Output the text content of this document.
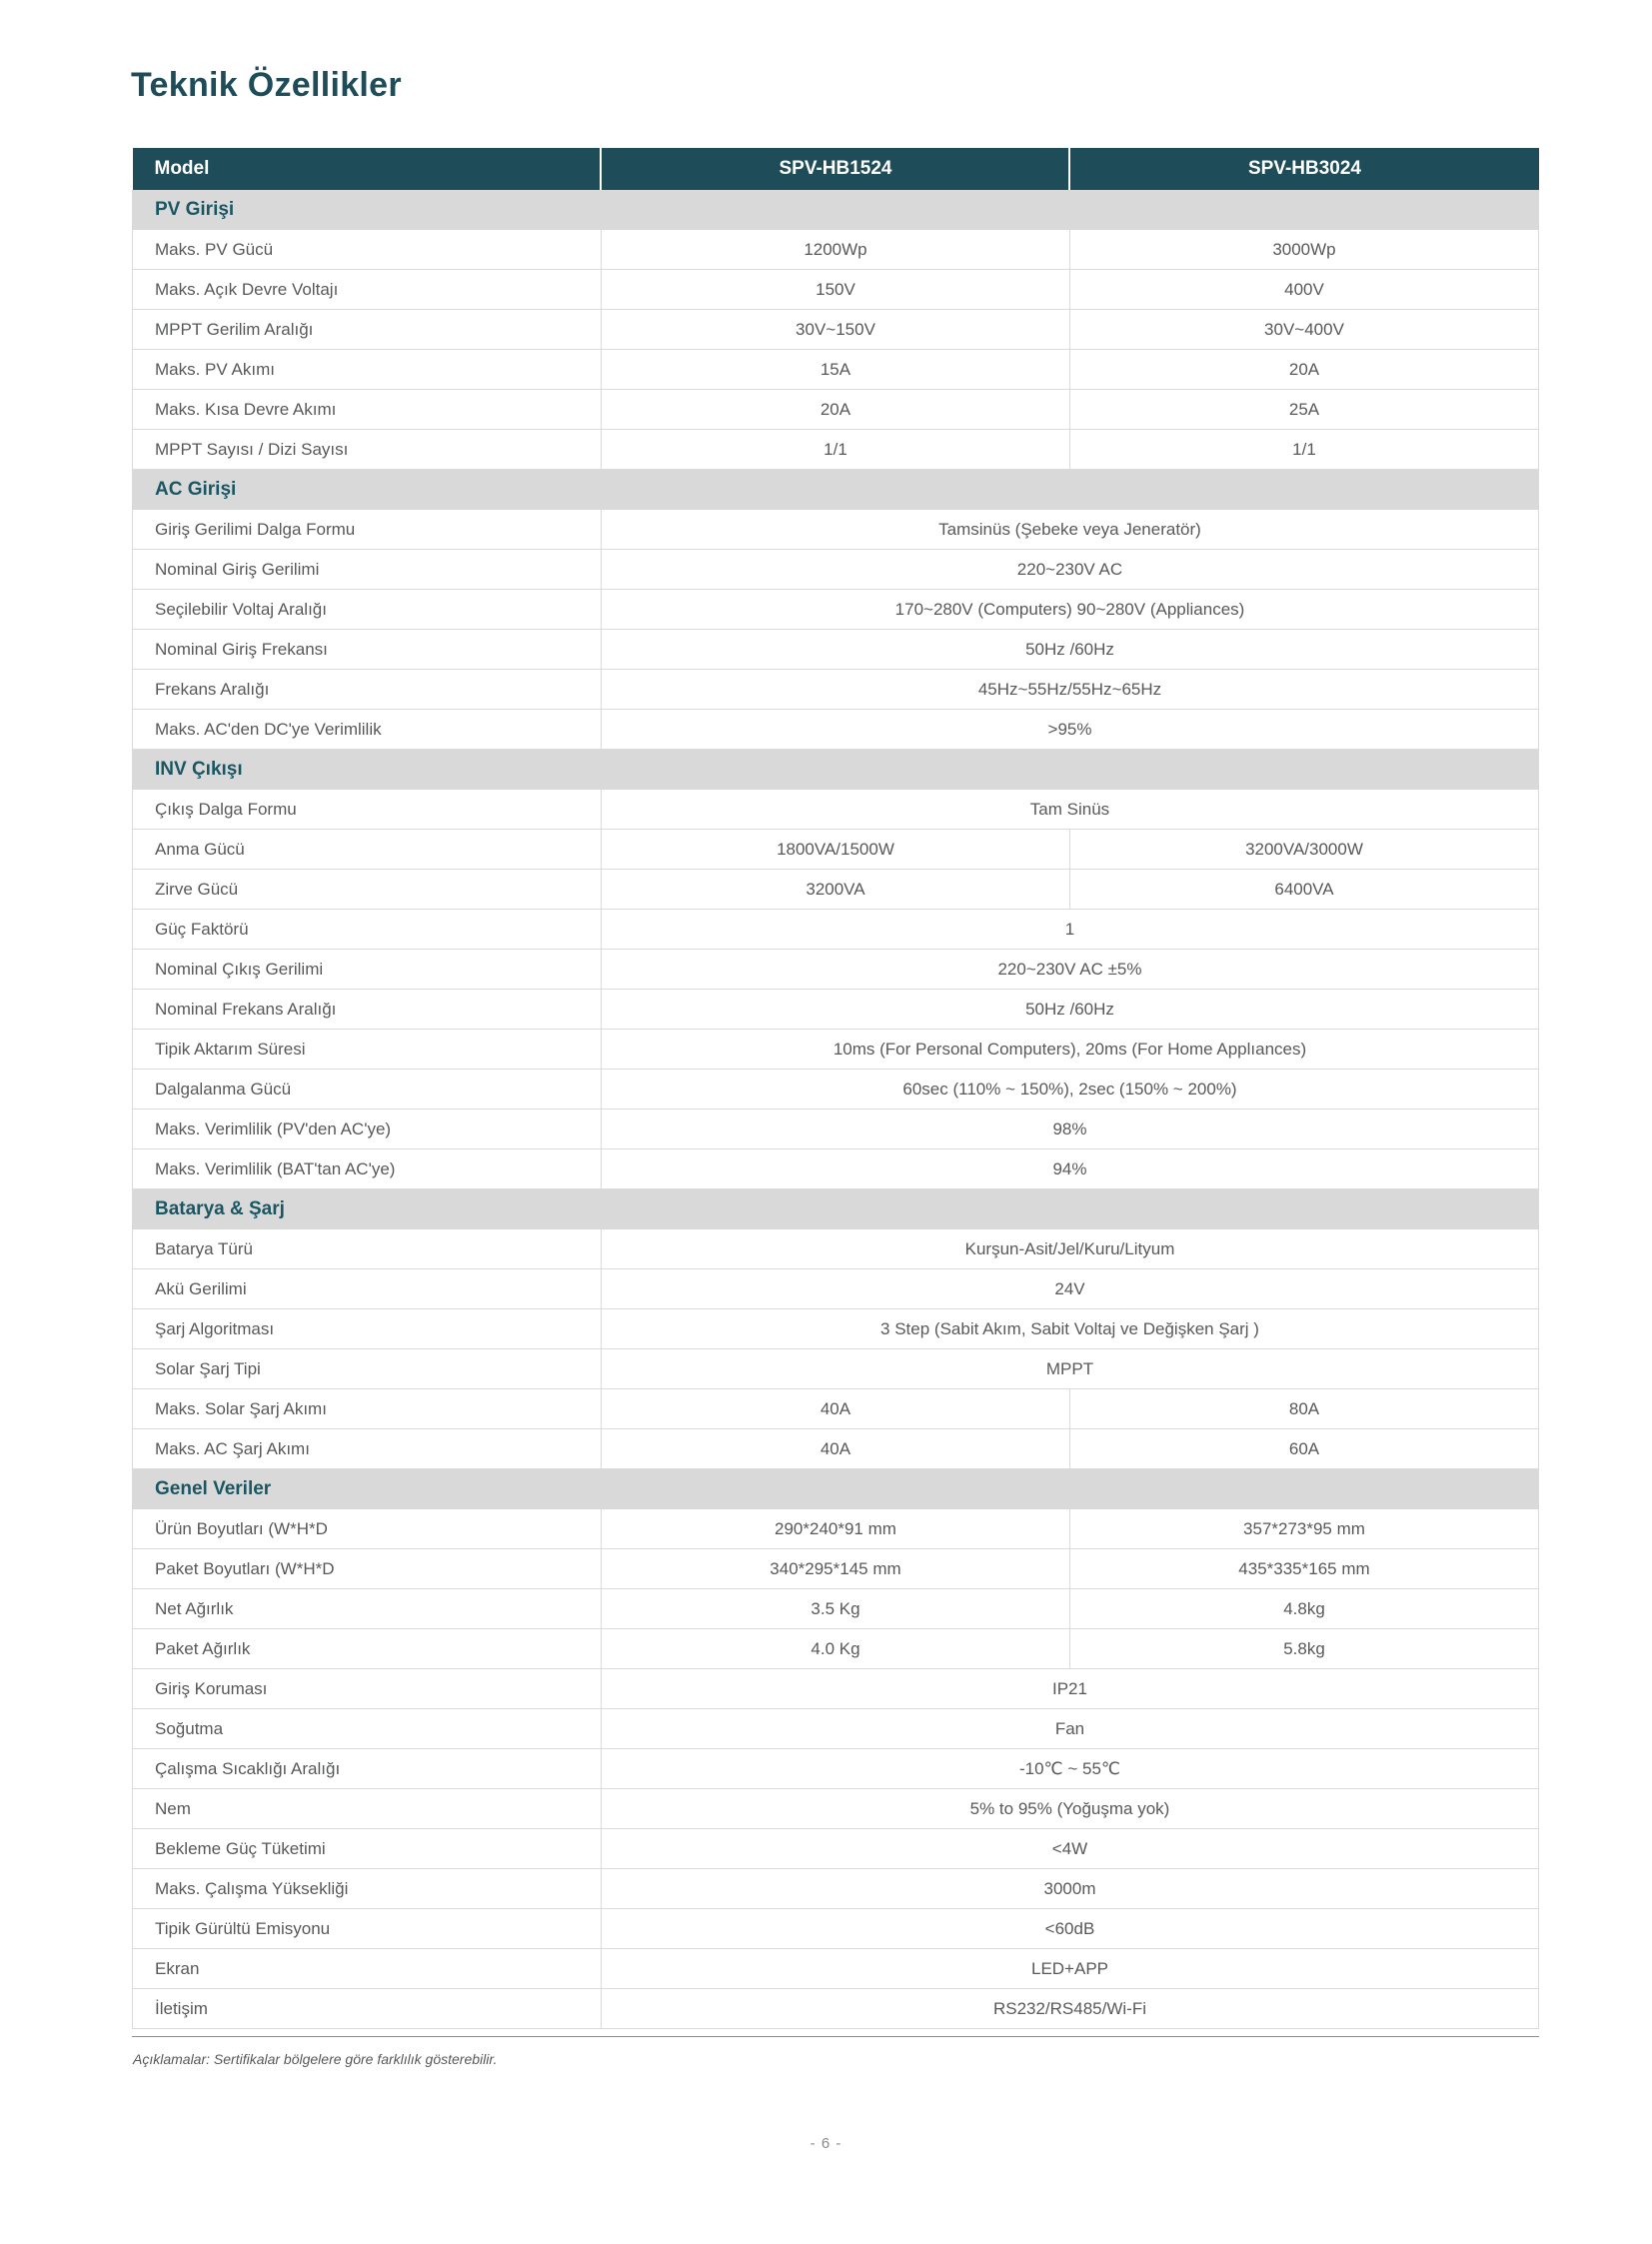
Teknik Özellikler
Model	SPV-HB1524	SPV-HB3024
PV Girişi		
Maks. PV Gücü	1200Wp	3000Wp
Maks. Açık Devre Voltajı	150V	400V
MPPT Gerilim Aralığı	30V~150V	30V~400V
Maks. PV Akımı	15A	20A
Maks. Kısa Devre Akımı	20A	25A
MPPT Sayısı / Dizi Sayısı	1/1	1/1
AC Girişi		
Giriş Gerilimi Dalga Formu	Tamsinüs (Şebeke veya Jeneratör)	
Nominal Giriş Gerilimi	220~230V AC	
Seçilebilir Voltaj Aralığı	170~280V (Computers) 90~280V (Appliances)	
Nominal Giriş Frekansı	50Hz /60Hz	
Frekans Aralığı	45Hz~55Hz/55Hz~65Hz	
Maks. AC'den DC'ye Verimlilik	>95%	
INV Çıkışı		
Çıkış Dalga Formu	Tam Sinüs	
Anma Gücü	1800VA/1500W	3200VA/3000W
Zirve Gücü	3200VA	6400VA
Güç Faktörü	1	
Nominal Çıkış Gerilimi	220~230V AC ±5%	
Nominal Frekans Aralığı	50Hz /60Hz	
Tipik Aktarım Süresi	10ms (For Personal Computers), 20ms (For Home Applıances)	
Dalgalanma Gücü	60sec (110% ~ 150%), 2sec (150% ~ 200%)	
Maks. Verimlilik (PV'den AC'ye)	98%	
Maks. Verimlilik (BAT'tan AC'ye)	94%	
Batarya & Şarj		
Batarya Türü	Kurşun-Asit/Jel/Kuru/Lityum	
Akü Gerilimi	24V	
Şarj Algoritması	3 Step (Sabit Akım, Sabit Voltaj ve Değişken Şarj )	
Solar Şarj Tipi	MPPT	
Maks. Solar Şarj Akımı	40A	80A
Maks. AC Şarj Akımı	40A	60A
Genel Veriler		
Ürün Boyutları (W*H*D	290*240*91 mm	357*273*95 mm
Paket Boyutları (W*H*D	340*295*145 mm	435*335*165 mm
Net Ağırlık	3.5 Kg	4.8kg
Paket Ağırlık	4.0 Kg	5.8kg
Giriş Koruması	IP21	
Soğutma	Fan	
Çalışma Sıcaklığı Aralığı	-10℃ ~ 55℃	
Nem	5% to 95% (Yoğuşma yok)	
Bekleme Güç Tüketimi	<4W	
Maks. Çalışma Yüksekliği	3000m	
Tipik Gürültü Emisyonu	<60dB	
Ekran	LED+APP	
İletişim	RS232/RS485/Wi-Fi	
Açıklamalar: Sertifikalar bölgelere göre farklılık gösterebilir.
- 6 -
